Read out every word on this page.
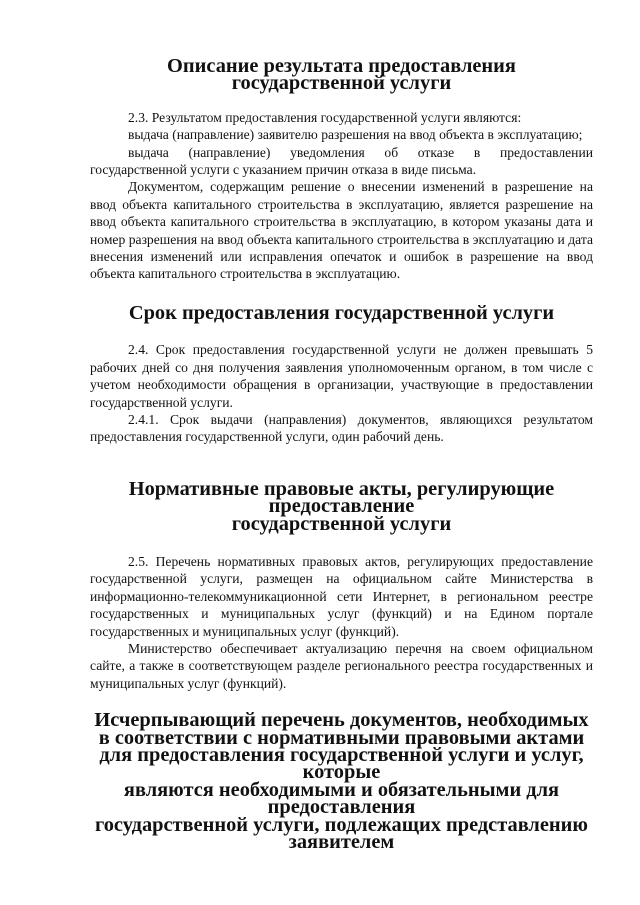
Описание результата предоставления государственной услуги

2.3. Результатом предоставления государственной услуги являются:

выдача (направление) заявителю разрешения на ввод объекта в эксплуатацию;

выдача (направление) уведомления об отказе в предоставлении государственной услуги с указанием причин отказа в виде письма.

Документом, содержащим решение о внесении изменений в разрешение на ввод объекта капитального строительства в эксплуатацию, является разрешение на ввод объекта капитального строительства в эксплуатацию, в котором указаны дата и номер разрешения на ввод объекта капитального строительства в эксплуатацию и дата внесения изменений или исправления опечаток и ошибок в разрешение на ввод объекта капитального строительства в эксплуатацию.

Срок предоставления государственной услуги

2.4. Срок предоставления государственной услуги не должен превышать 5 рабочих дней со дня получения заявления уполномоченным органом, в том числе с учетом необходимости обращения в организации, участвующие в предоставлении государственной услуги.

2.4.1. Срок выдачи (направления) документов, являющихся результатом предоставления государственной услуги, один рабочий день.

Нормативные правовые акты, регулирующие предоставление
государственной услуги

2.5. Перечень нормативных правовых актов, регулирующих предоставление государственной услуги, размещен на официальном сайте Министерства в информационно-телекоммуникационной сети Интернет, в региональном реестре государственных и муниципальных услуг (функций) и на Едином портале государственных и муниципальных услуг (функций).

Министерство обеспечивает актуализацию перечня на своем официальном сайте, а также в соответствующем разделе регионального реестра государственных и муниципальных услуг (функций).

Исчерпывающий перечень документов, необходимых
в соответствии с нормативными правовыми актами
для предоставления государственной услуги и услуг, которые
являются необходимыми и обязательными для предоставления
государственной услуги, подлежащих представлению заявителем
